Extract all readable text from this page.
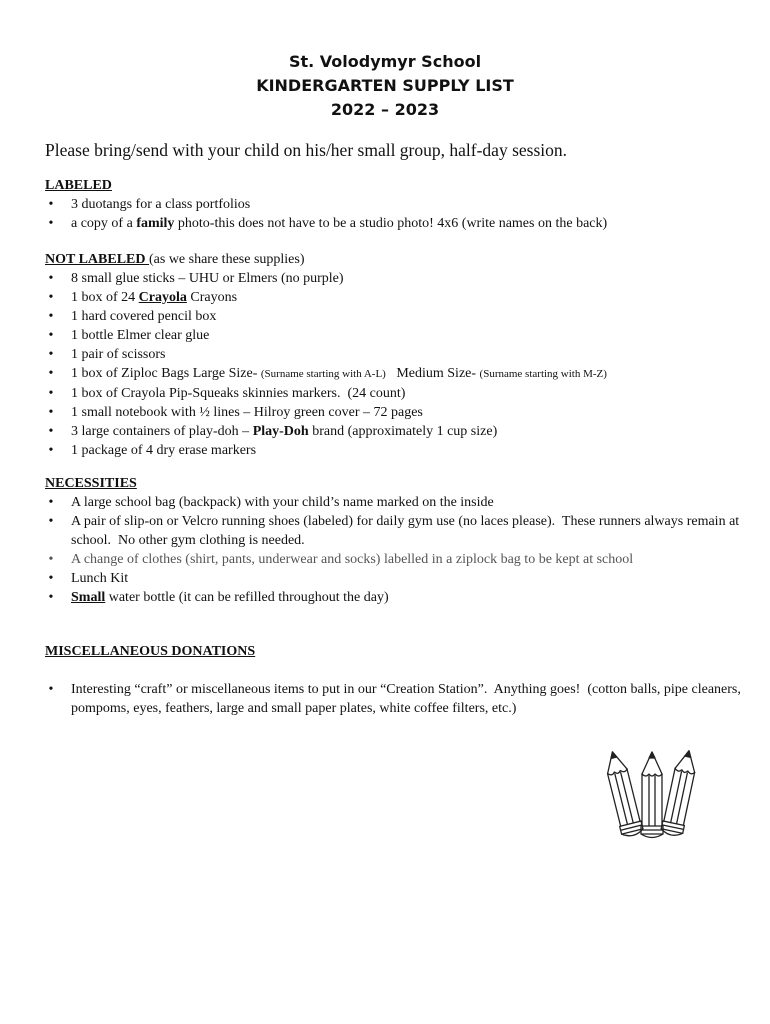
St. Volodymyr School
KINDERGARTEN SUPPLY LIST
2022 – 2023
Please bring/send with your child on his/her small group, half-day session.
LABELED
• 3 duotangs for a class portfolios
• a copy of a family photo-this does not have to be a studio photo! 4x6 (write names on the back)
NOT LABELED (as we share these supplies)
• 8 small glue sticks – UHU or Elmers (no purple)
• 1 box of 24 Crayola Crayons
• 1 hard covered pencil box
• 1 bottle Elmer clear glue
• 1 pair of scissors
• 1 box of Ziploc Bags Large Size- (Surname starting with A-L)   Medium Size- (Surname starting with M-Z)
• 1 box of Crayola Pip-Squeaks skinnies markers.  (24 count)
• 1 small notebook with ½ lines – Hilroy green cover – 72 pages
• 3 large containers of play-doh – Play-Doh brand (approximately 1 cup size)
• 1 package of 4 dry erase markers
NECESSITIES
• A large school bag (backpack) with your child’s name marked on the inside
• A pair of slip-on or Velcro running shoes (labeled) for daily gym use (no laces please).  These runners always remain at school.  No other gym clothing is needed.
• A change of clothes (shirt, pants, underwear and socks) labelled in a ziplock bag to be kept at school
• Lunch Kit
• Small water bottle (it can be refilled throughout the day)
MISCELLANEOUS DONATIONS
• Interesting “craft” or miscellaneous items to put in our “Creation Station”.  Anything goes!  (cotton balls, pipe cleaners, pompoms, eyes, feathers, large and small paper plates, white coffee filters, etc.)
